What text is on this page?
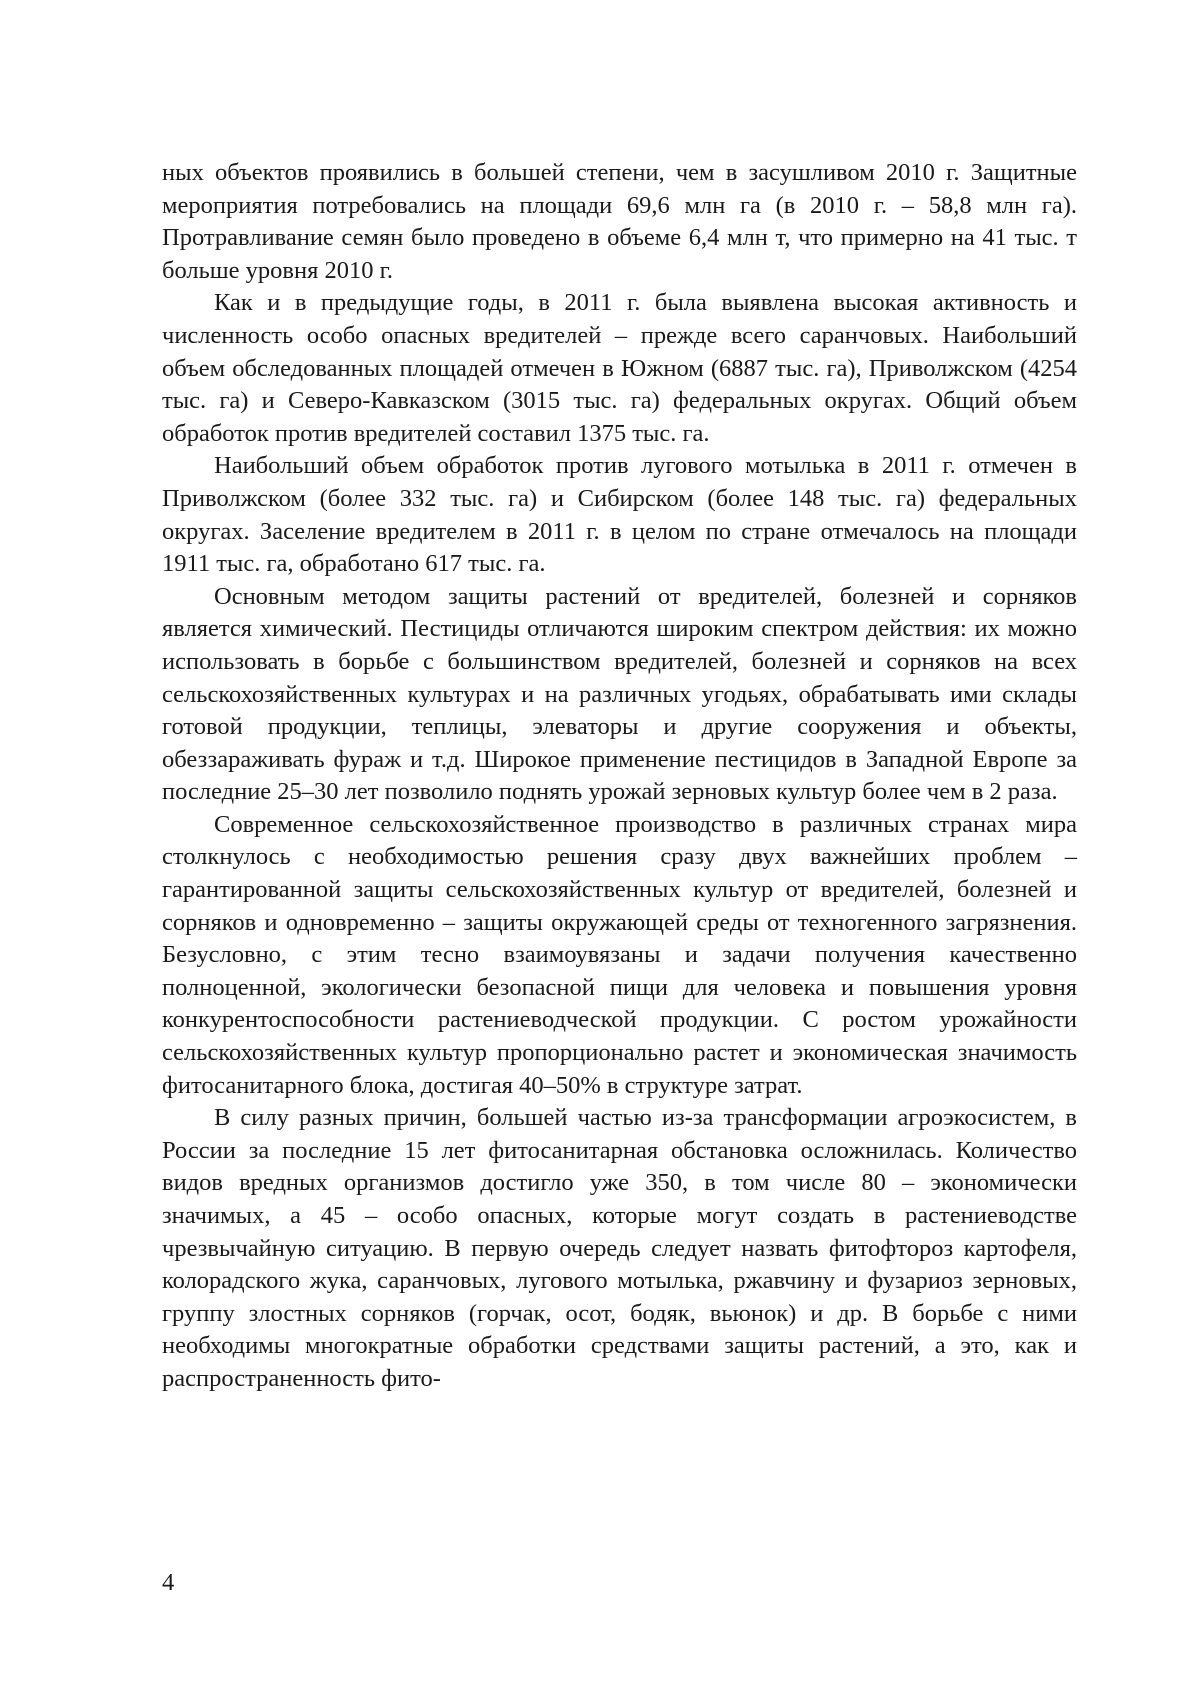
ных объектов проявились в большей степени, чем в засушливом 2010 г. Защитные мероприятия потребовались на площади 69,6 млн га (в 2010 г. – 58,8 млн га). Протравливание семян было проведено в объеме 6,4 млн т, что примерно на 41 тыс. т больше уровня 2010 г.

Как и в предыдущие годы, в 2011 г. была выявлена высокая активность и численность особо опасных вредителей – прежде всего саранчовых. Наибольший объем обследованных площадей отмечен в Южном (6887 тыс. га), Приволжском (4254 тыс. га) и Северо-Кавказском (3015 тыс. га) федеральных округах. Общий объем обработок против вредителей составил 1375 тыс. га.

Наибольший объем обработок против лугового мотылька в 2011 г. отмечен в Приволжском (более 332 тыс. га) и Сибирском (более 148 тыс. га) федеральных округах. Заселение вредителем в 2011 г. в целом по стране отмечалось на площади 1911 тыс. га, обработано 617 тыс. га.

Основным методом защиты растений от вредителей, болезней и сорняков является химический. Пестициды отличаются широким спектром действия: их можно использовать в борьбе с большинством вредителей, болезней и сорняков на всех сельскохозяйственных культурах и на различных угодьях, обрабатывать ими склады готовой продукции, теплицы, элеваторы и другие сооружения и объекты, обеззараживать фураж и т.д. Широкое применение пестицидов в Западной Европе за последние 25–30 лет позволило поднять урожай зерновых культур более чем в 2 раза.

Современное сельскохозяйственное производство в различных странах мира столкнулось с необходимостью решения сразу двух важнейших проблем – гарантированной защиты сельскохозяйственных культур от вредителей, болезней и сорняков и одновременно – защиты окружающей среды от техногенного загрязнения. Безусловно, с этим тесно взаимоувязаны и задачи получения качественно полноценной, экологически безопасной пищи для человека и повышения уровня конкурентоспособности растениеводческой продукции. С ростом урожайности сельскохозяйственных культур пропорционально растет и экономическая значимость фитосанитарного блока, достигая 40–50% в структуре затрат.

В силу разных причин, большей частью из-за трансформации агроэкосистем, в России за последние 15 лет фитосанитарная обстановка осложнилась. Количество видов вредных организмов достигло уже 350, в том числе 80 – экономически значимых, а 45 – особо опасных, которые могут создать в растениеводстве чрезвычайную ситуацию. В первую очередь следует назвать фитофтороз картофеля, колорадского жука, саранчовых, лугового мотылька, ржавчину и фузариоз зерновых, группу злостных сорняков (горчак, осот, бодяк, вьюнок) и др. В борьбе с ними необходимы многократные обработки средствами защиты растений, а это, как и распространенность фито-

4
